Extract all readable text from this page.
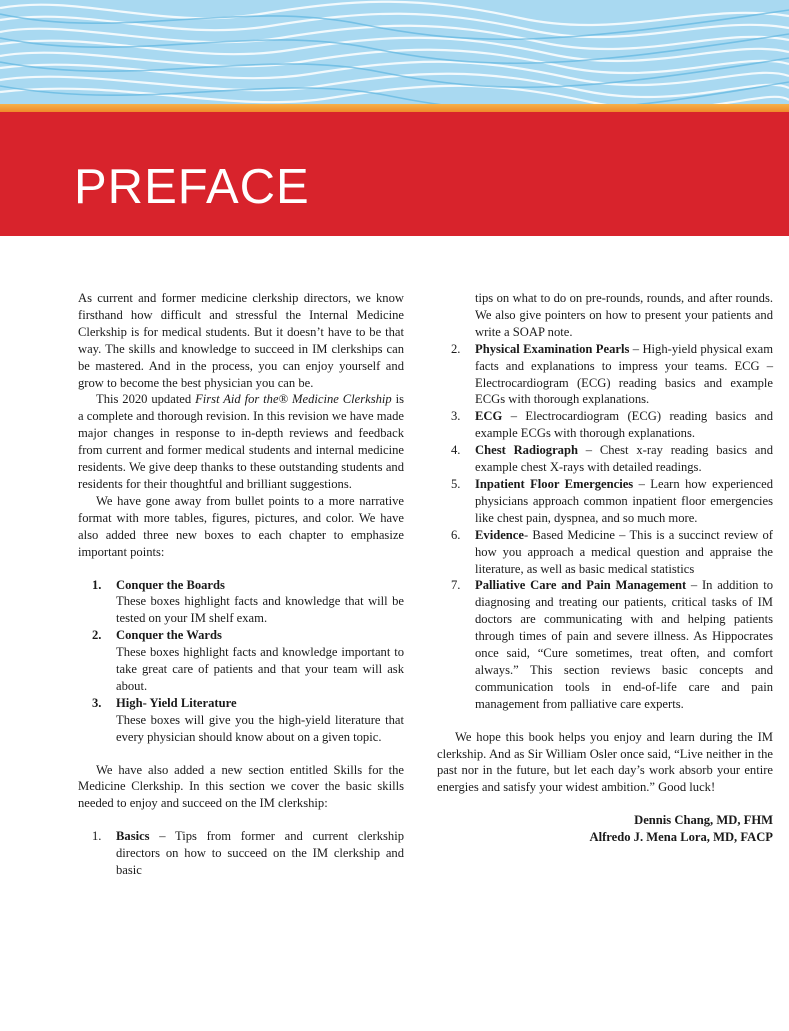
PREFACE

As current and former medicine clerkship directors, we know firsthand how difficult and stressful the Internal Medicine Clerkship is for medical students. But it doesn’t have to be that way. The skills and knowledge to succeed in IM clerkships can be mastered. And in the process, you can enjoy yourself and grow to become the best physician you can be.

This 2020 updated First Aid for the® Medicine Clerkship is a complete and thorough revision. In this revision we have made major changes in response to in-depth reviews and feedback from current and former medical students and internal medicine residents. We give deep thanks to these outstanding students and residents for their thoughtful and brilliant suggestions.

We have gone away from bullet points to a more narrative format with more tables, figures, pictures, and color. We have also added three new boxes to each chapter to emphasize important points:

1. Conquer the Boards
These boxes highlight facts and knowledge that will be tested on your IM shelf exam.
2. Conquer the Wards
These boxes highlight facts and knowledge important to take great care of patients and that your team will ask about.
3. High- Yield Literature
These boxes will give you the high-yield literature that every physician should know about on a given topic.

We have also added a new section entitled Skills for the Medicine Clerkship. In this section we cover the basic skills needed to enjoy and succeed on the IM clerkship:

1. Basics – Tips from former and current clerkship directors on how to succeed on the IM clerkship and basic
tips on what to do on pre-rounds, rounds, and after rounds. We also give pointers on how to present your patients and write a SOAP note.
2. Physical Examination Pearls – High-yield physical exam facts and explanations to impress your teams. ECG – Electrocardiogram (ECG) reading basics and example ECGs with thorough explanations.
3. ECG – Electrocardiogram (ECG) reading basics and example ECGs with thorough explanations.
4. Chest Radiograph – Chest x-ray reading basics and example chest X-rays with detailed readings.
5. Inpatient Floor Emergencies – Learn how experienced physicians approach common inpatient floor emergencies like chest pain, dyspnea, and so much more.
6. Evidence- Based Medicine – This is a succinct review of how you approach a medical question and appraise the literature, as well as basic medical statistics
7. Palliative Care and Pain Management – In addition to diagnosing and treating our patients, critical tasks of IM doctors are communicating with and helping patients through times of pain and severe illness. As Hippocrates once said, “Cure sometimes, treat often, and comfort always.” This section reviews basic concepts and communication tools in end-of-life care and pain management from palliative care experts.

We hope this book helps you enjoy and learn during the IM clerkship. And as Sir William Osler once said, “Live neither in the past nor in the future, but let each day’s work absorb your entire energies and satisfy your widest ambition.” Good luck!

Dennis Chang, MD, FHM

Alfredo J. Mena Lora, MD, FACP
